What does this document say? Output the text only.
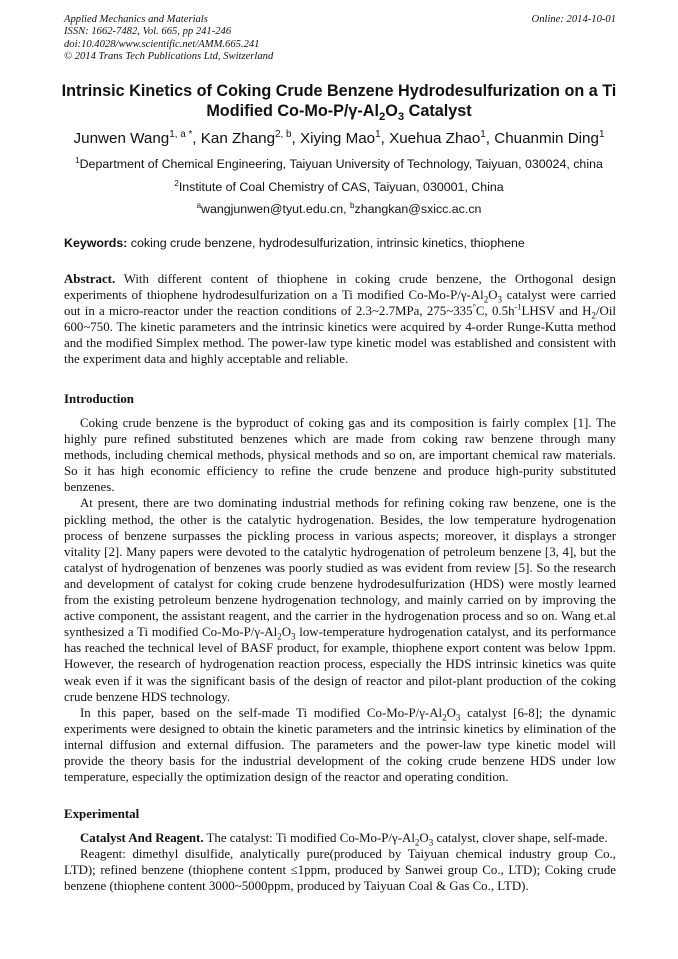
Applied Mechanics and Materials
ISSN: 1662-7482, Vol. 665, pp 241-246
doi:10.4028/www.scientific.net/AMM.665.241
© 2014 Trans Tech Publications Ltd, Switzerland
Online: 2014-10-01
Intrinsic Kinetics of Coking Crude Benzene Hydrodesulfurization on a Ti
Modified $Co-Mo-P/\gamma-Al_2O_3$ Catalyst
Junwen Wang$^{1, a *}$, Kan Zhang$^{2, b}$, Xiying Mao$^1$, Xuehua Zhao$^1$, Chuanmin Ding$^1$
$^1$Department of Chemical Engineering, Taiyuan University of Technology, Taiyuan, 030024, china
$^2$Institute of Coal Chemistry of CAS, Taiyuan, 030001, China
$^a$wangjunwen@tyut.edu.cn, $^b$zhangkan@sxicc.ac.cn
Keywords: coking crude benzene, hydrodesulfurization, intrinsic kinetics, thiophene

Abstract. With different content of thiophene in coking crude benzene, the Orthogonal design experiments of thiophene hydrodesulfurization on a Ti modified $Co-Mo-P/\gamma-Al_2O_3$ catalyst were carried out in a micro-reactor under the reaction conditions of 2.3~2.7MPa, 275~335°C, $0.5h^{-1}LHSV$ and $H_2$/Oil 600~750. The kinetic parameters and the intrinsic kinetics were acquired by 4-order Runge-Kutta method and the modified Simplex method. The power-law type kinetic model was established and consistent with the experiment data and highly acceptable and reliable.

Introduction

Coking crude benzene is the byproduct of coking gas and its composition is fairly complex [1]. The highly pure refined substituted benzenes which are made from coking raw benzene through many methods, including chemical methods, physical methods and so on, are important chemical raw materials. So it has high economic efficiency to refine the crude benzene and produce high-purity substituted benzenes.

At present, there are two dominating industrial methods for refining coking raw benzene, one is the pickling method, the other is the catalytic hydrogenation. Besides, the low temperature hydrogenation process of benzene surpasses the pickling process in various aspects; moreover, it displays a stronger vitality [2]. Many papers were devoted to the catalytic hydrogenation of petroleum benzene [3, 4], but the catalyst of hydrogenation of benzenes was poorly studied as was evident from review [5]. So the research and development of catalyst for coking crude benzene hydrodesulfurization (HDS) were mostly learned from the existing petroleum benzene hydrogenation technology, and mainly carried on by improving the active component, the assistant reagent, and the carrier in the hydrogenation process and so on. Wang et.al synthesized a Ti modified $Co-Mo-P/\gamma-Al_2O_3$ low-temperature hydrogenation catalyst, and its performance has reached the technical level of BASF product, for example, thiophene export content was below 1ppm. However, the research of hydrogenation reaction process, especially the HDS intrinsic kinetics was quite weak even if it was the significant basis of the design of reactor and pilot-plant production of the coking crude benzene HDS technology.

In this paper, based on the self-made Ti modified $Co-Mo-P/\gamma-Al_2O_3$ catalyst [6-8]; the dynamic experiments were designed to obtain the kinetic parameters and the intrinsic kinetics by elimination of the internal diffusion and external diffusion. The parameters and the power-law type kinetic model will provide the theory basis for the industrial development of the coking crude benzene HDS under low temperature, especially the optimization design of the reactor and operating condition.

Experimental

Catalyst And Reagent. The catalyst: Ti modified $Co-Mo-P/\gamma-Al_2O_3$ catalyst, clover shape, self-made.

Reagent: dimethyl disulfide, analytically pure(produced by Taiyuan chemical industry group Co., LTD); refined benzene (thiophene content ≤1ppm, produced by Sanwei group Co., LTD); Coking crude benzene (thiophene content 3000~5000ppm, produced by Taiyuan Coal & Gas Co., LTD).
